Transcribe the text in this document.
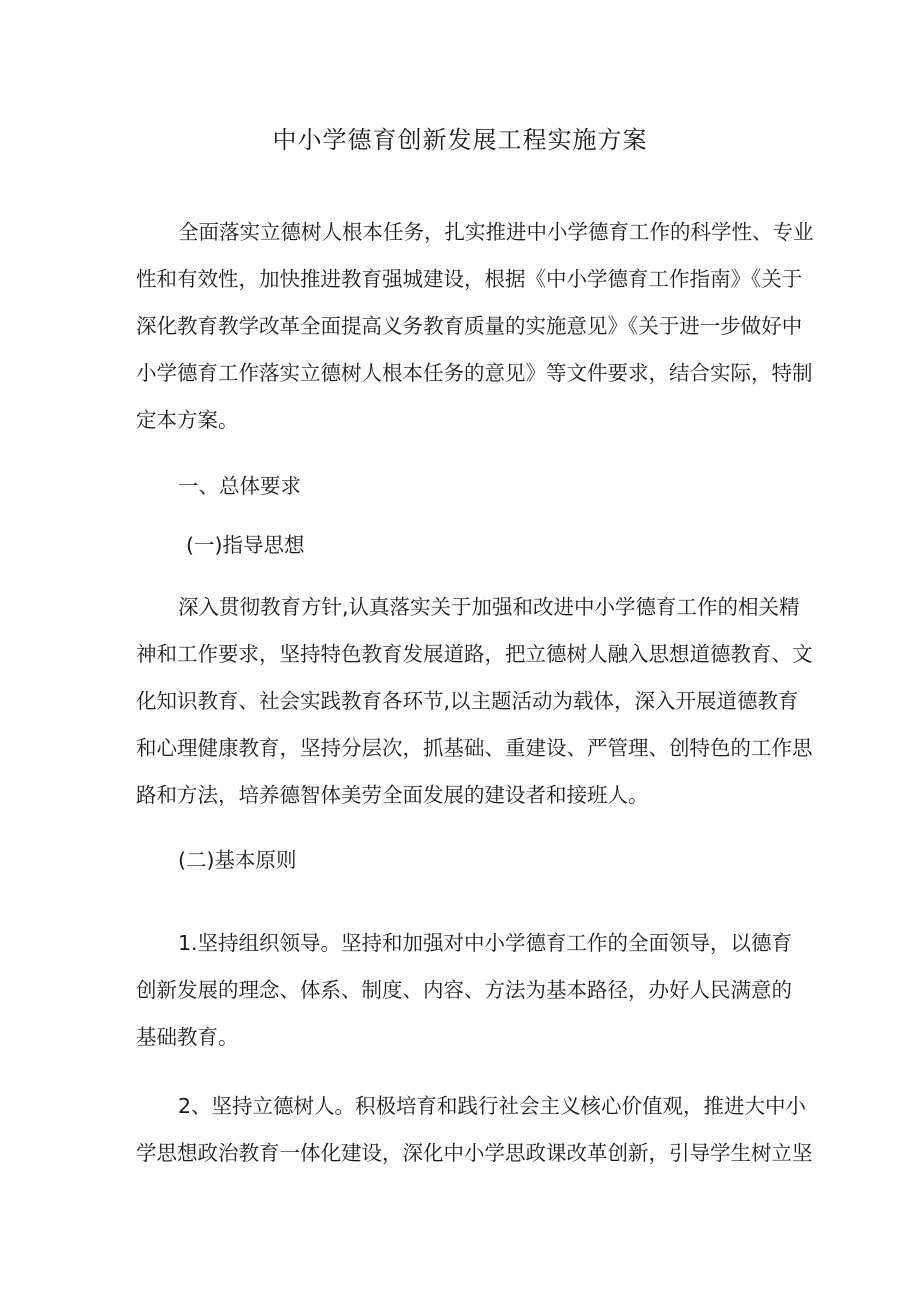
中小学德育创新发展工程实施方案
全面落实立德树人根本任务，扎实推进中小学德育工作的科学性、专业
性和有效性，加快推进教育强城建设，根据《中小学德育工作指南》《关于
深化教育教学改革全面提高义务教育质量的实施意见》《关于进一步做好中
小学德育工作落实立德树人根本任务的意见》等文件要求，结合实际，特制
定本方案。
一、总体要求
(一)指导思想
深入贯彻教育方针,认真落实关于加强和改进中小学德育工作的相关精
神和工作要求，坚持特色教育发展道路，把立德树人融入思想道德教育、文
化知识教育、社会实践教育各环节,以主题活动为载体，深入开展道德教育
和心理健康教育，坚持分层次，抓基础、重建设、严管理、创特色的工作思
路和方法，培养德智体美劳全面发展的建设者和接班人。
(二)基本原则
1.坚持组织领导。坚持和加强对中小学德育工作的全面领导，以德育
创新发展的理念、体系、制度、内容、方法为基本路径，办好人民满意的
基础教育。
2、坚持立德树人。积极培育和践行社会主义核心价值观，推进大中小
学思想政治教育一体化建设，深化中小学思政课改革创新，引导学生树立坚
